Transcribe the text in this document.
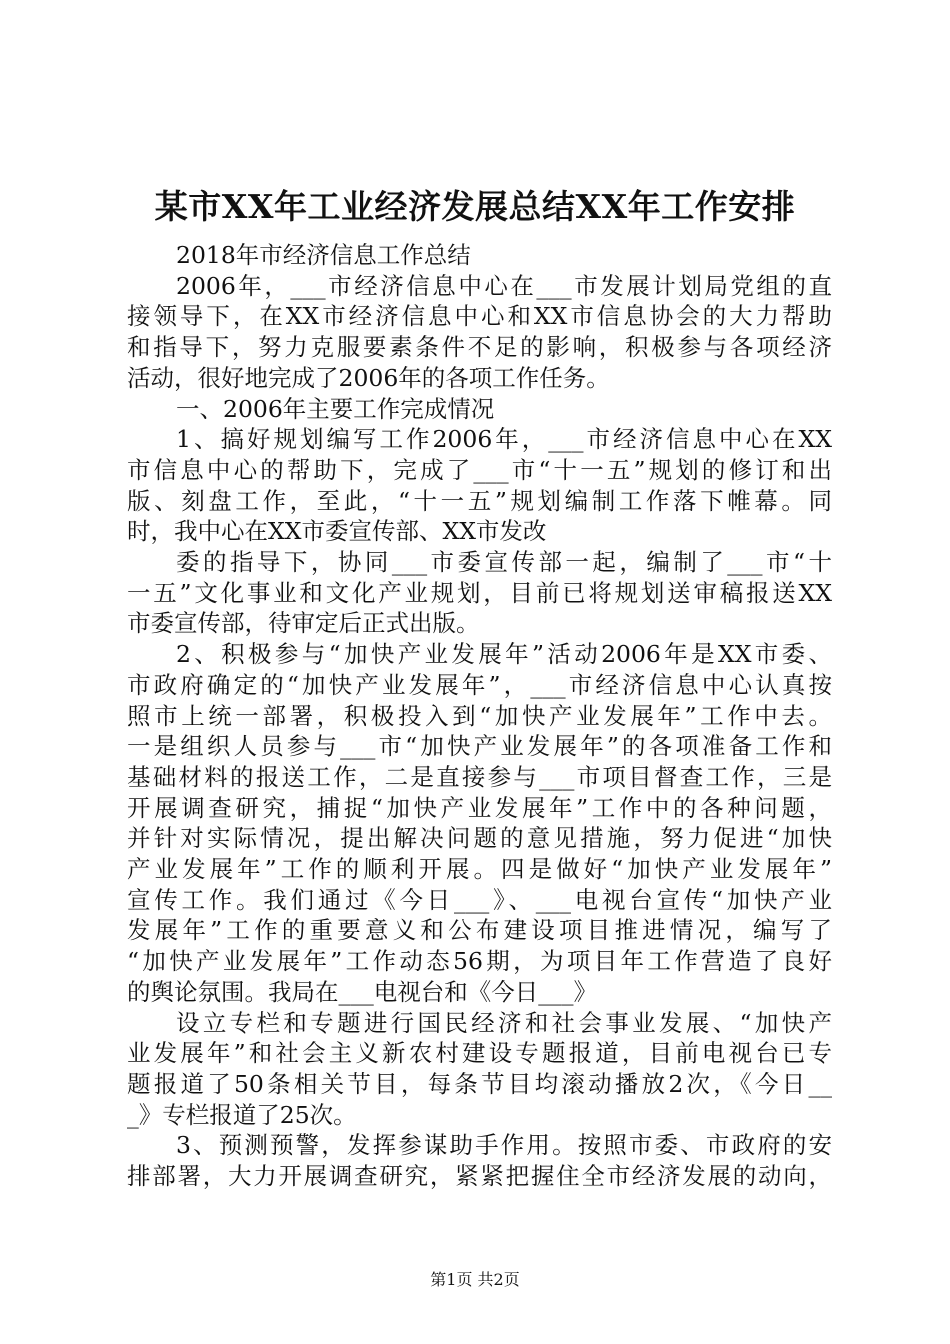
某市XX年工业经济发展总结XX年工作安排
2018年市经济信息工作总结
2006年，___市经济信息中心在___市发展计划局党组的直
接领导下，在XX市经济信息中心和XX市信息协会的大力帮助
和指导下，努力克服要素条件不足的影响，积极参与各项经济
活动，很好地完成了2006年的各项工作任务。
一、2006年主要工作完成情况
1、搞好规划编写工作2006年，___市经济信息中心在XX
市信息中心的帮助下，完成了___市“十一五”规划的修订和出
版、刻盘工作，至此，“十一五”规划编制工作落下帷幕。同
时，我中心在XX市委宣传部、XX市发改
委的指导下，协同___市委宣传部一起，编制了___市“十
一五”文化事业和文化产业规划，目前已将规划送审稿报送XX
市委宣传部，待审定后正式出版。
2、积极参与“加快产业发展年”活动2006年是XX市委、
市政府确定的“加快产业发展年”，___市经济信息中心认真按
照市上统一部署，积极投入到“加快产业发展年”工作中去。
一是组织人员参与___市“加快产业发展年”的各项准备工作和
基础材料的报送工作，二是直接参与___市项目督查工作，三是
开展调查研究，捕捉“加快产业发展年”工作中的各种问题，
并针对实际情况，提出解决问题的意见措施，努力促进“加快
产业发展年”工作的顺利开展。四是做好“加快产业发展年”
宣传工作。我们通过《今日___》、___电视台宣传“加快产业
发展年”工作的重要意义和公布建设项目推进情况，编写了
“加快产业发展年”工作动态56期，为项目年工作营造了良好
的舆论氛围。我局在___电视台和《今日___》
设立专栏和专题进行国民经济和社会事业发展、“加快产
业发展年”和社会主义新农村建设专题报道，目前电视台已专
题报道了50条相关节目，每条节目均滚动播放2次，《今日__
_》专栏报道了25次。
3、预测预警，发挥参谋助手作用。按照市委、市政府的安
排部署，大力开展调查研究，紧紧把握住全市经济发展的动向，
第1页 共2页
